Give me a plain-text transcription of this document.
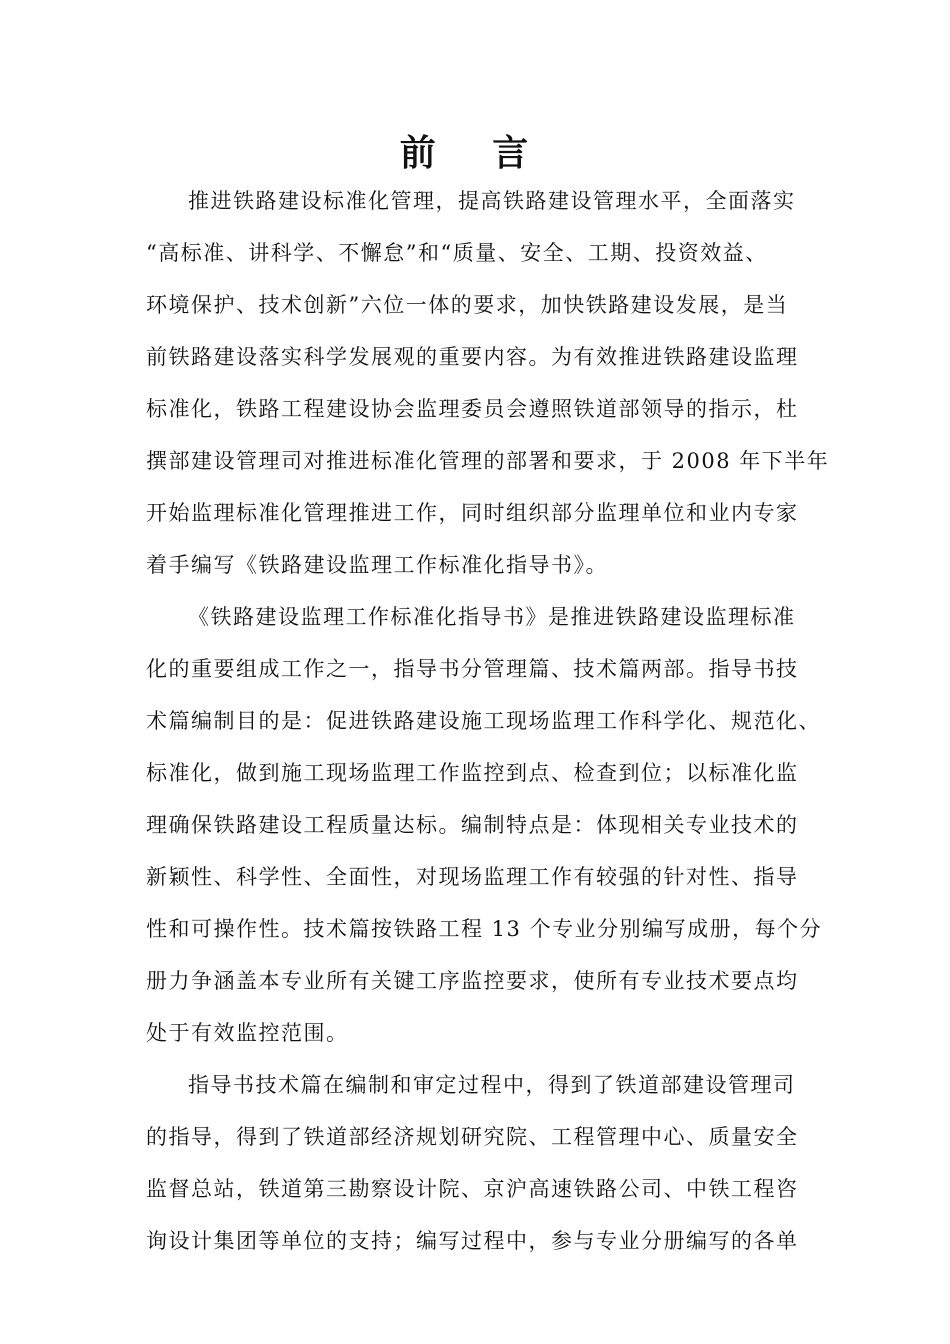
前 言
推进铁路建设标准化管理，提高铁路建设管理水平，全面落实
“高标准、讲科学、不懈怠”和“质量、安全、工期、投资效益、
环境保护、技术创新”六位一体的要求，加快铁路建设发展，是当
前铁路建设落实科学发展观的重要内容。为有效推进铁路建设监理
标准化，铁路工程建设协会监理委员会遵照铁道部领导的指示，杜
撰部建设管理司对推进标准化管理的部署和要求，于 2008 年下半年
开始监理标准化管理推进工作，同时组织部分监理单位和业内专家
着手编写《铁路建设监理工作标准化指导书》。
《铁路建设监理工作标准化指导书》是推进铁路建设监理标准
化的重要组成工作之一，指导书分管理篇、技术篇两部。指导书技
术篇编制目的是：促进铁路建设施工现场监理工作科学化、规范化、
标准化，做到施工现场监理工作监控到点、检查到位；以标准化监
理确保铁路建设工程质量达标。编制特点是：体现相关专业技术的
新颖性、科学性、全面性，对现场监理工作有较强的针对性、指导
性和可操作性。技术篇按铁路工程 13 个专业分别编写成册，每个分
册力争涵盖本专业所有关键工序监控要求，使所有专业技术要点均
处于有效监控范围。
指导书技术篇在编制和审定过程中，得到了铁道部建设管理司
的指导，得到了铁道部经济规划研究院、工程管理中心、质量安全
监督总站，铁道第三勘察设计院、京沪高速铁路公司、中铁工程咨
询设计集团等单位的支持；编写过程中，参与专业分册编写的各单
